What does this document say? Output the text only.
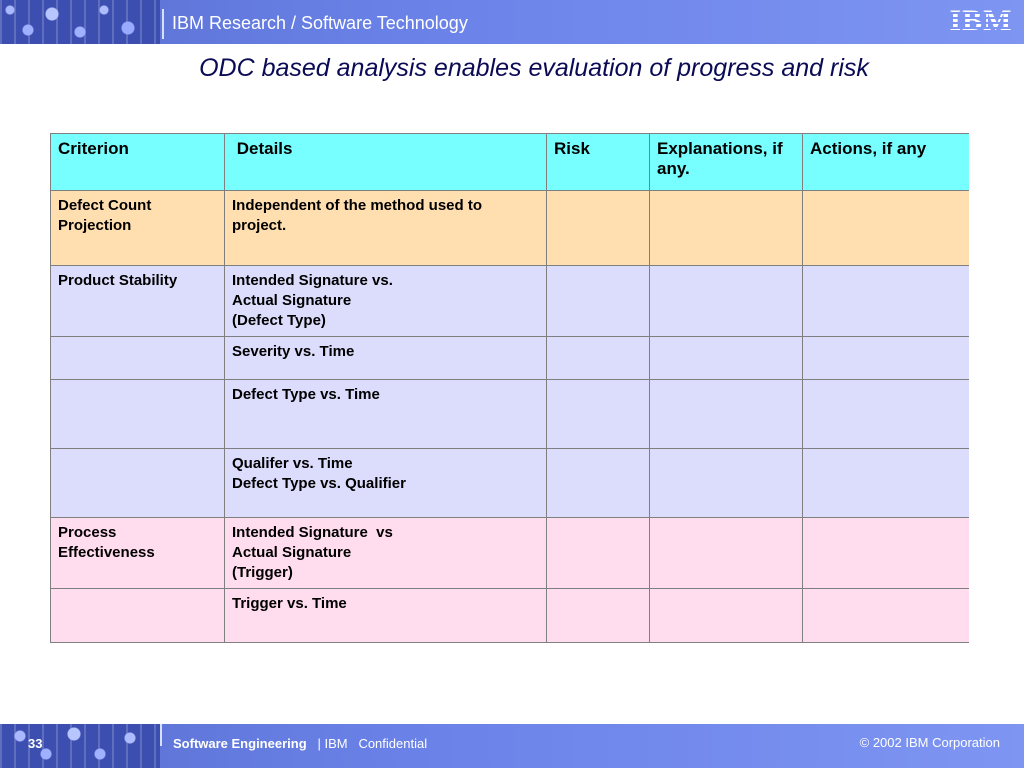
IBM Research / Software Technology	IBM
ODC based analysis enables evaluation of progress and risk
Criterion	Details	Risk	Explanations, if any.	Actions, if any
Defect Count Projection	Independent of the method used to project.			
Product Stability	Intended Signature vs.
Actual Signature
(Defect Type)			
	Severity vs. Time			
	Defect Type vs. Time			
	Qualifer vs. Time
Defect Type vs. Qualifier			
Process Effectiveness	Intended Signature  vs
Actual Signature
(Trigger)			
	Trigger vs. Time			
33	Software Engineering | IBM Confidential	© 2002 IBM Corporation
